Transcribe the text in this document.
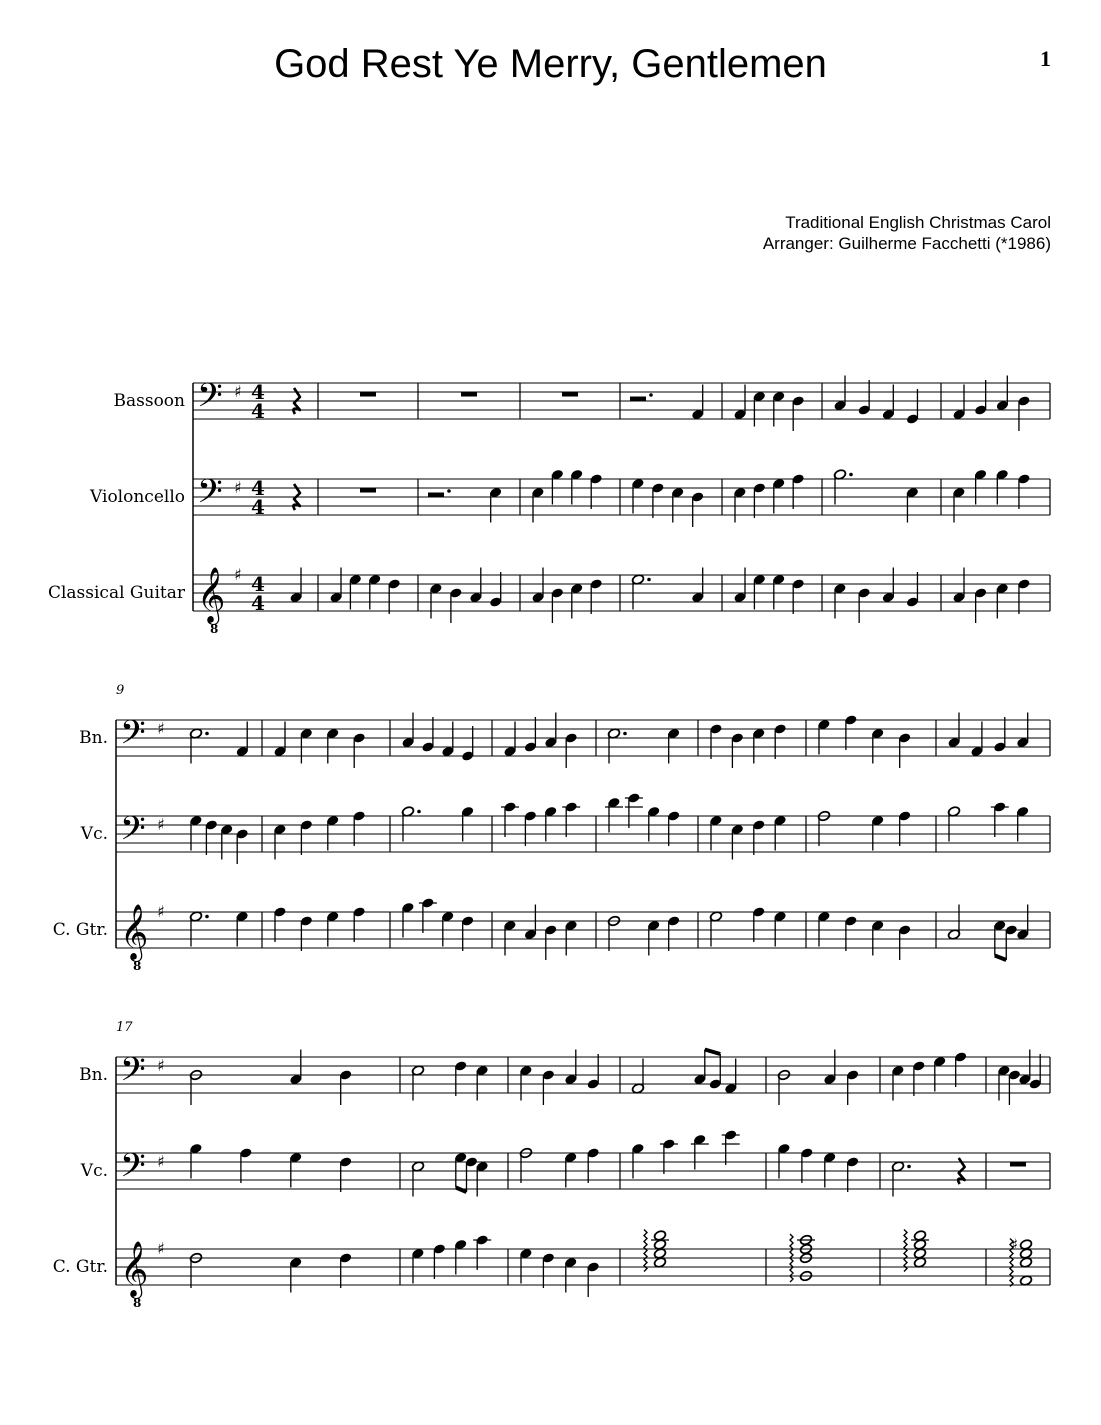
God Rest Ye Merry, Gentlemen	1
Traditional English Christmas Carol
Arranger: Guilherme Facchetti (*1986)
Bassoon 𝄢 ♯ 4
4
Violoncello 𝄢 ♯ 4
4
Classical Guitar 𝄞
8
♯ 4
4
9
Bn. 𝄢 ♯
Vc. 𝄢 ♯
C. Gtr. 𝄞
8
♯
17
Bn. 𝄢 ♯
Vc. 𝄢 ♯
C. Gtr. 𝄞
8
♯	♯
